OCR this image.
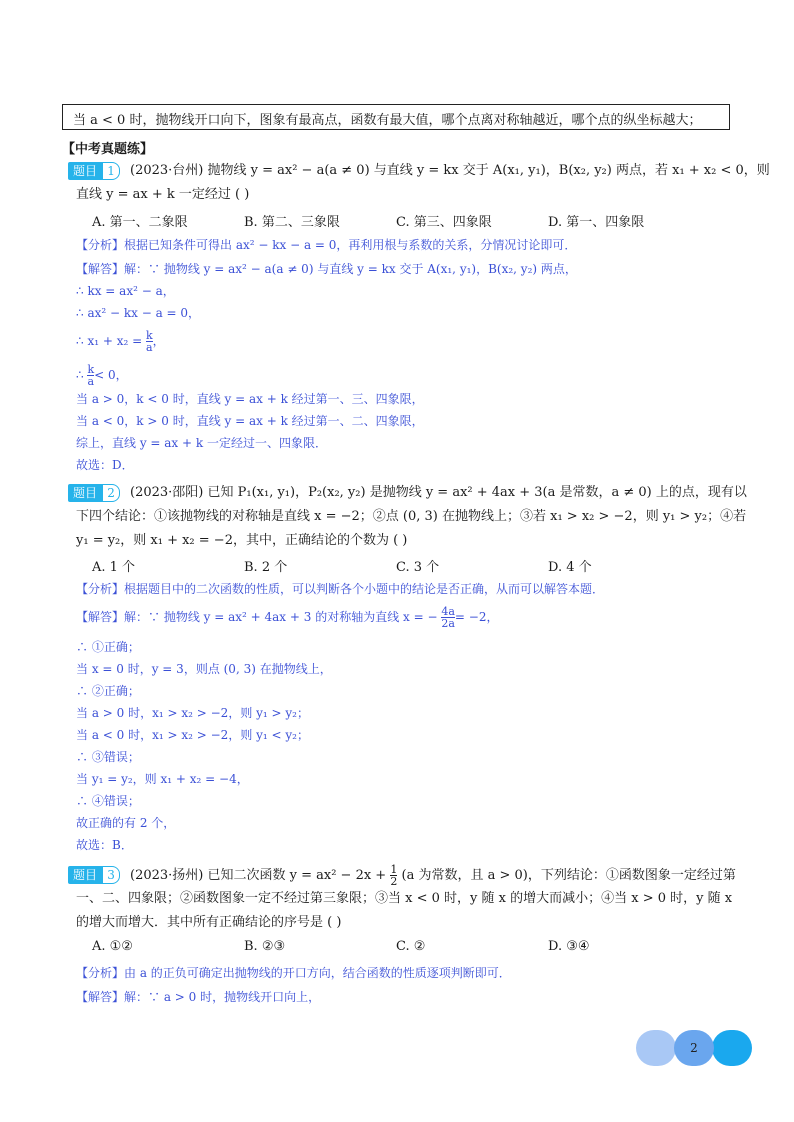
当 a < 0 时，抛物线开口向下，图象有最高点，函数有最大值，哪个点离对称轴越近，哪个点的纵坐标越大；
【中考真题练】
题目 1	(2023·台州) 抛物线 y = ax² − a(a ≠ 0) 与直线 y = kx 交于 A(x₁, y₁)，B(x₂, y₂) 两点，若 x₁ + x₂ < 0，则
直线 y = ax + k 一定经过 ( )
A. 第一、二象限	B. 第二、三象限	C. 第三、四象限	D. 第一、四象限
【分析】根据已知条件可得出 ax² − kx − a = 0，再利用根与系数的关系，分情况讨论即可．
【解答】解：∵ 抛物线 y = ax² − a(a ≠ 0) 与直线 y = kx 交于 A(x₁, y₁)，B(x₂, y₂) 两点，
∴ kx = ax² − a，
∴ ax² − kx − a = 0，
∴ $x_1 + x_2 = \frac{k}{a}$ ，
∴ $\frac{k}{a} < 0$，
当 a > 0，k < 0 时，直线 y = ax + k 经过第一、三、四象限，
当 a < 0，k > 0 时，直线 y = ax + k 经过第一、二、四象限，
综上，直线 y = ax + k 一定经过一、四象限．
故选：D．
题目 2	(2023·邵阳) 已知 P₁(x₁, y₁)，P₂(x₂, y₂) 是抛物线 y = ax² + 4ax + 3(a 是常数，a ≠ 0) 上的点，现有以
下四个结论：①该抛物线的对称轴是直线 x = −2；②点 (0, 3) 在抛物线上；③若 x₁ > x₂ > −2，则 y₁ > y₂；④若
y₁ = y₂，则 x₁ + x₂ = −2，其中，正确结论的个数为 ( )
A. 1 个	B. 2 个	C. 3 个	D. 4 个
【分析】根据题目中的二次函数的性质，可以判断各个小题中的结论是否正确，从而可以解答本题．
【解答】解：∵ 抛物线 y = ax² + 4ax + 3 的对称轴为直线 x = − $\frac{4a}{2a} = -2$，
∴ ①正确；
当 x = 0 时，y = 3，则点 (0, 3) 在抛物线上，
∴ ②正确；
当 a > 0 时，x₁ > x₂ > −2，则 y₁ > y₂；
当 a < 0 时，x₁ > x₂ > −2，则 y₁ < y₂；
∴ ③错误；
当 y₁ = y₂，则 x₁ + x₂ = −4，
∴ ④错误；
故正确的有 2 个，
故选：B．
题目 3	(2023·扬州) 已知二次函数 $y = ax^2 - 2x + \frac{1}{2} (a$ 为常数，且 a > 0)，下列结论：①函数图象一定经过第
一、二、四象限；②函数图象一定不经过第三象限；③当 x < 0 时，y 随 x 的增大而减小；④当 x > 0 时，y 随 x
的增大而增大．其中所有正确结论的序号是 ( )
A. ①②	B. ②③	C. ②	D. ③④
【分析】由 a 的正负可确定出抛物线的开口方向，结合函数的性质逐项判断即可．
【解答】解：∵ a > 0 时，抛物线开口向上，
2
